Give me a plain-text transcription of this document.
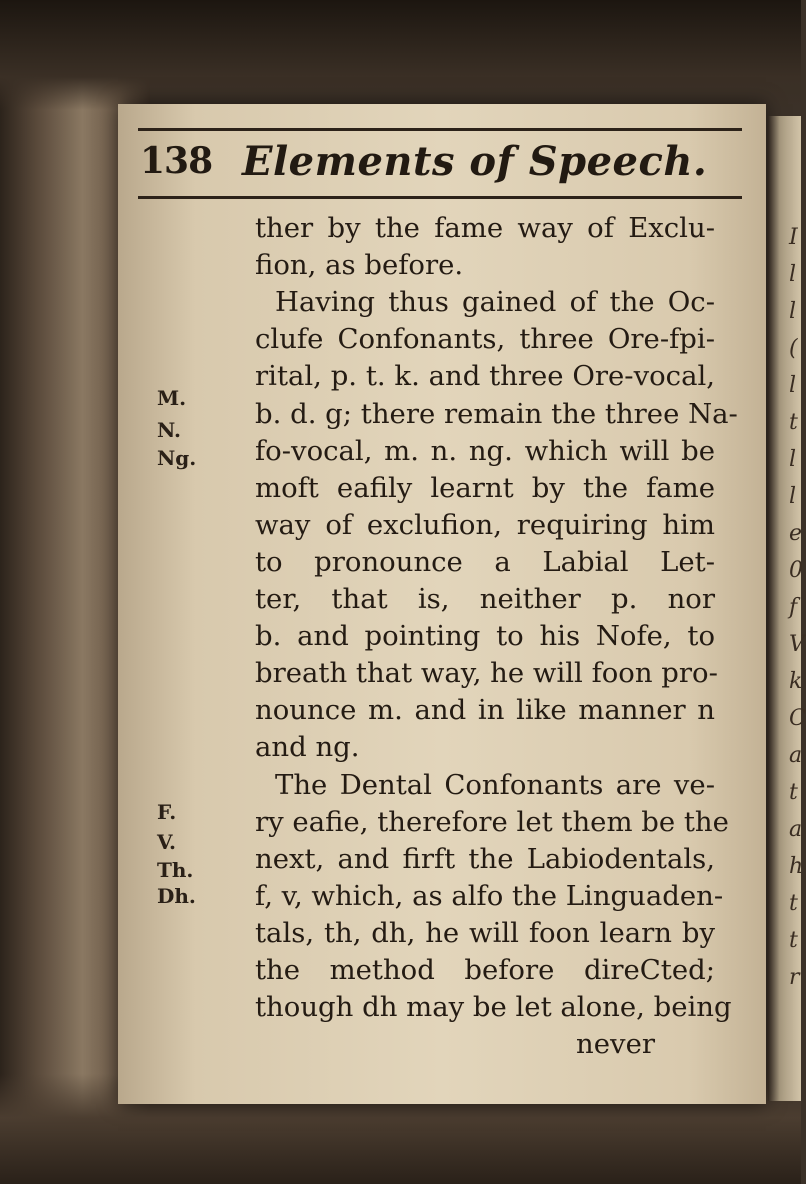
I
l
l
(
l
t
l
l
e
0
f
V
k
C
a
t
a
h
t
t
r
138 Elements of Speech.
ther by the fame way of Exclu-
fion, as before.
Having thus gained of the Oc-
clufe Confonants, three Ore-fpi-
rital, p. t. k. and three Ore-vocal,
b. d. g; there remain the three Na-
fo-vocal, m. n. ng. which will be
moft eafily learnt by the fame
way of exclufion, requiring him
to pronounce a Labial Let-
ter, that is, neither p. nor
b. and pointing to his Nofe, to
breath that way, he will foon pro-
nounce m. and in like manner n
and ng.
The Dental Confonants are ve-
ry eafie, therefore let them be the
next, and firft the Labiodentals,
f, v, which, as alfo the Linguaden-
tals, th, dh, he will foon learn by
the method before direCted;
though dh may be let alone, being
never
M.
N.
Ng.
F.
V.
Th.
Dh.
